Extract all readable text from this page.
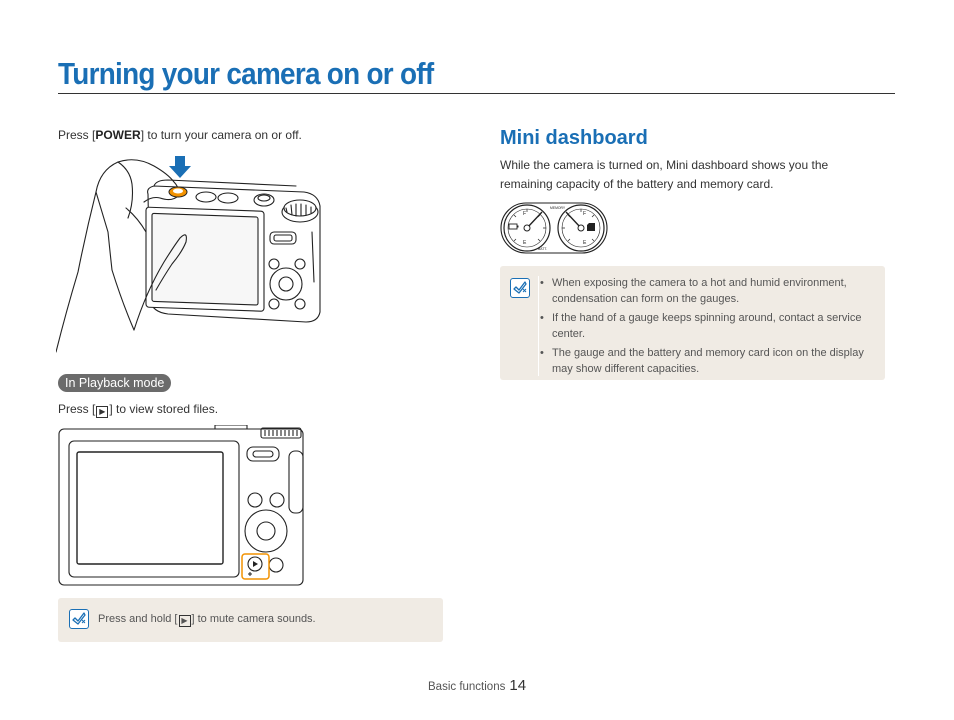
Turning your camera on or off

Press [POWER] to turn your camera on or off.

In Playback mode

Press [ ▶ ] to view stored files.

Press and hold [ ▶ ] to mute camera sounds.

Mini dashboard

While the camera is turned on, Mini dashboard shows you the remaining capacity of the battery and memory card.

F
E
F
E
MEMORY
BATT.
• When exposing the camera to a hot and humid environment, condensation can form on the gauges.
• If the hand of a gauge keeps spinning around, contact a service center.
• The gauge and the battery and memory card icon on the display may show different capacities.
Basic functions 14
